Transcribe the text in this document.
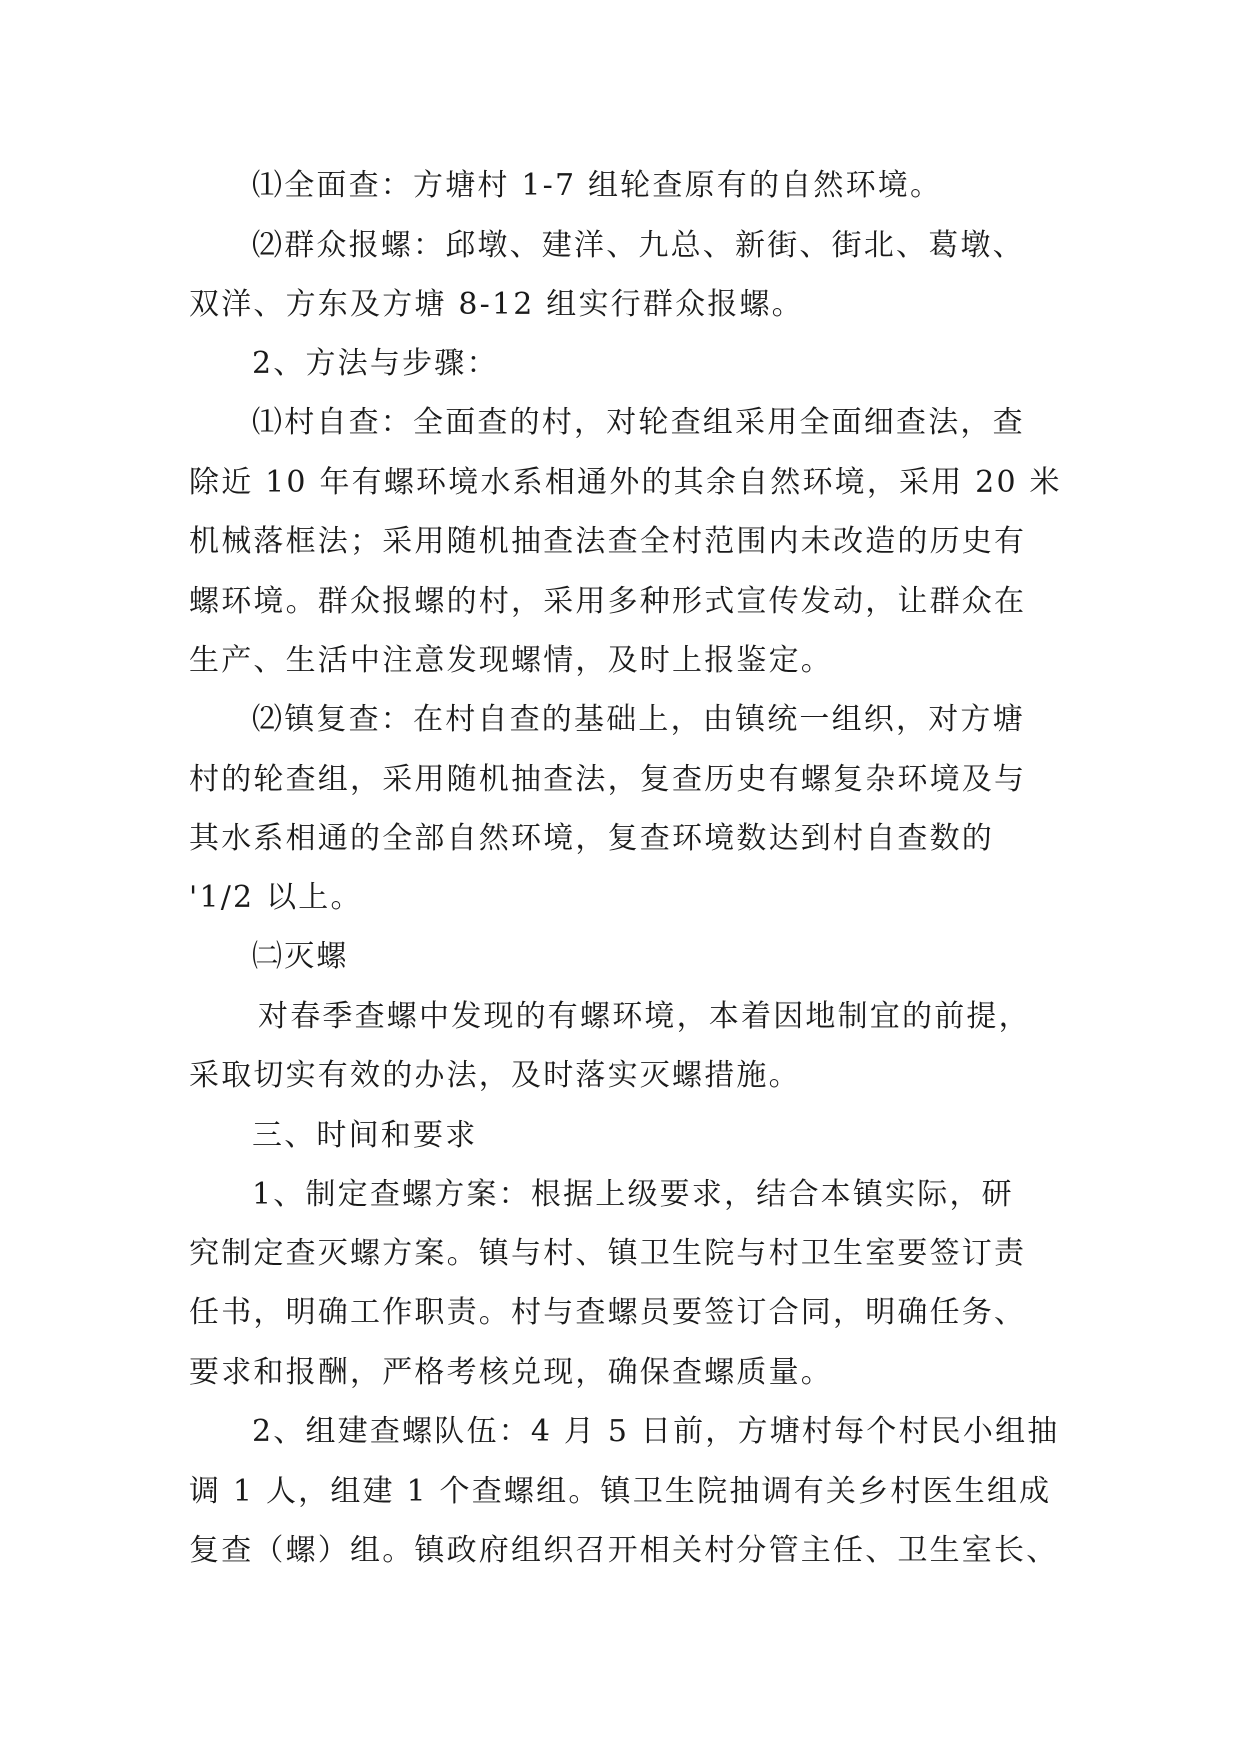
⑴全面查：方塘村 1-7 组轮查原有的自然环境。
⑵群众报螺：邱墩、建洋、九总、新街、街北、葛墩、
双洋、方东及方塘 8-12 组实行群众报螺。
2、方法与步骤：
⑴村自查：全面查的村，对轮查组采用全面细查法，查
除近 10 年有螺环境水系相通外的其余自然环境，采用 20 米
机械落框法；采用随机抽查法查全村范围内未改造的历史有
螺环境。群众报螺的村，采用多种形式宣传发动，让群众在
生产、生活中注意发现螺情，及时上报鉴定。
⑵镇复查：在村自查的基础上，由镇统一组织，对方塘
村的轮查组，采用随机抽查法，复查历史有螺复杂环境及与
其水系相通的全部自然环境，复查环境数达到村自查数的
'1/2 以上。
㈡灭螺
对春季查螺中发现的有螺环境，本着因地制宜的前提，
采取切实有效的办法，及时落实灭螺措施。
三、时间和要求
1、制定查螺方案：根据上级要求，结合本镇实际，研
究制定查灭螺方案。镇与村、镇卫生院与村卫生室要签订责
任书，明确工作职责。村与查螺员要签订合同，明确任务、
要求和报酬，严格考核兑现，确保查螺质量。
2、组建查螺队伍：4 月 5 日前，方塘村每个村民小组抽
调 1 人，组建 1 个查螺组。镇卫生院抽调有关乡村医生组成
复查（螺）组。镇政府组织召开相关村分管主任、卫生室长、
